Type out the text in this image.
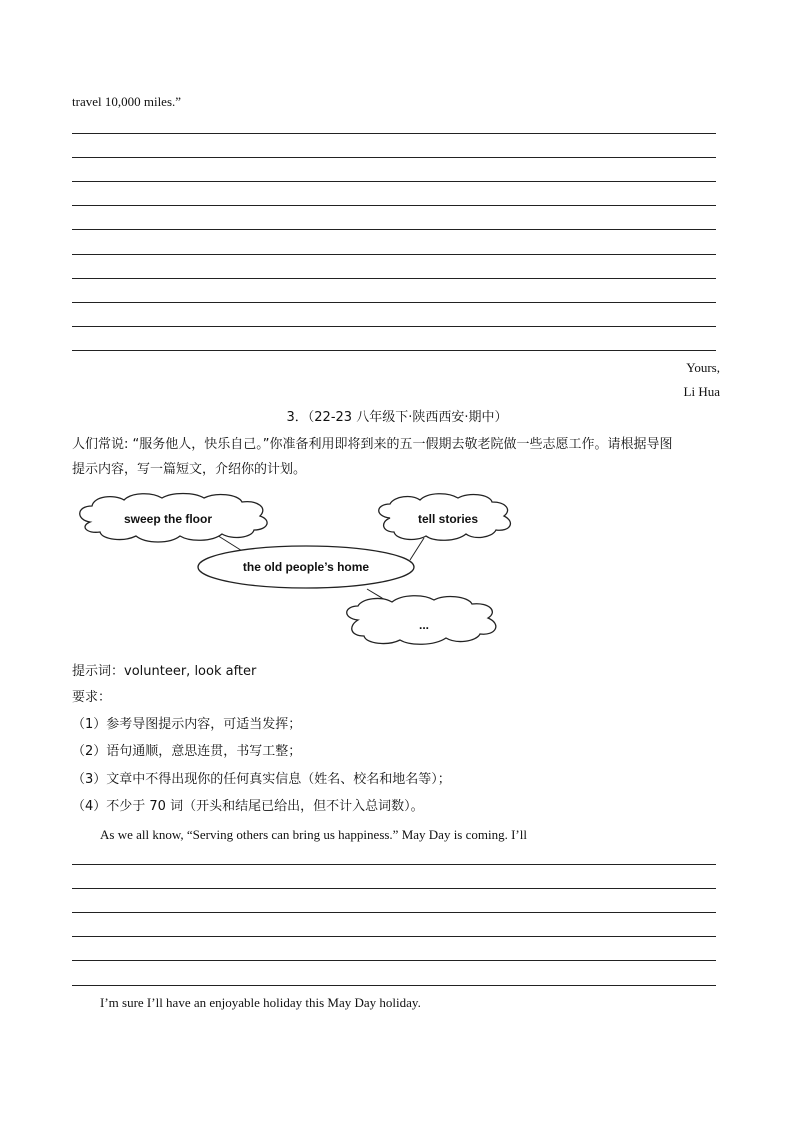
travel 10,000 miles.”
Yours,
Li Hua
3．（22-23 八年级下·陕西西安·期中）
人们常说: “服务他人，快乐自己。”你准备利用即将到来的五一假期去敬老院做一些志愿工作。请根据导图
提示内容，写一篇短文，介绍你的计划。
sweep the floor	tell stories
the old people’s home
...
提示词：volunteer, look after
要求：
（1）参考导图提示内容，可适当发挥；
（2）语句通顺，意思连贯，书写工整；
（3）文章中不得出现你的任何真实信息（姓名、校名和地名等）；
（4）不少于 70 词（开头和结尾已给出，但不计入总词数）。
As we all know, “Serving others can bring us happiness.” May Day is coming. I’ll
I’m sure I’ll have an enjoyable holiday this May Day holiday.
